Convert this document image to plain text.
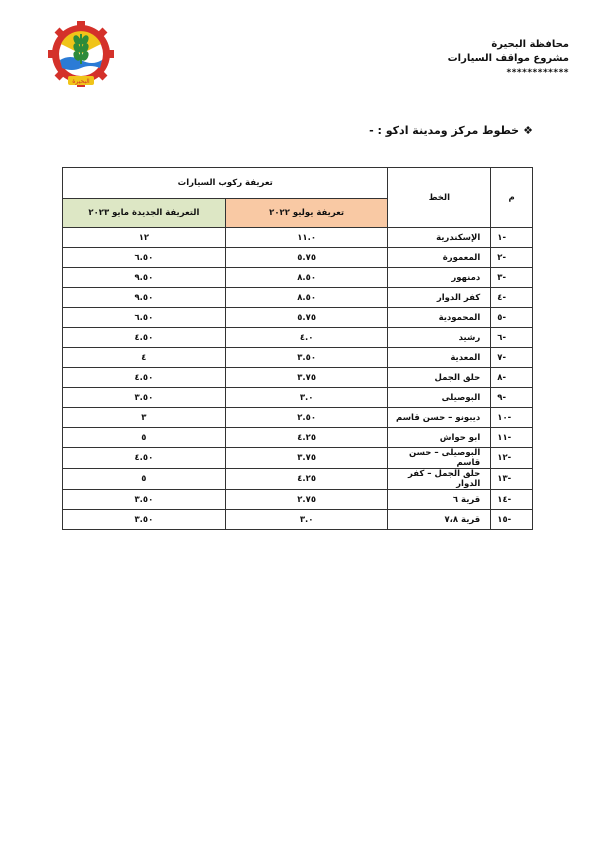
البحيرة
محافظة البحيرة
مشروع مواقف السيارات
************
❖
خطوط مركز ومدينة ادكو : -
م	الخط	تعريفة ركوب السيارات	
		تعريفة يوليو ٢٠٢٢	التعريفة الجديدة مايو ٢٠٢٣
-١	الإسكندرية	١١.٠	١٢
-٢	المعمورة	٥.٧٥	٦.٥٠
-٣	دمنهور	٨.٥٠	٩.٥٠
-٤	كفر الدوار	٨.٥٠	٩.٥٠
-٥	المحمودية	٥.٧٥	٦.٥٠
-٦	رشيد	٤.٠	٤.٥٠
-٧	المعدية	٣.٥٠	٤
-٨	حلق الجمل	٣.٧٥	٤.٥٠
-٩	البوصيلى	٣.٠	٣.٥٠
-١٠	ديبونو – حسن قاسم	٢.٥٠	٣
-١١	ابو حواش	٤.٢٥	٥
-١٢	البوصيلى – حسن قاسم	٣.٧٥	٤.٥٠
-١٣	حلق الجمل – كفر الدوار	٤.٢٥	٥
-١٤	قرية ٦	٢.٧٥	٣.٥٠
-١٥	قرية ٧،٨	٣.٠	٣.٥٠
